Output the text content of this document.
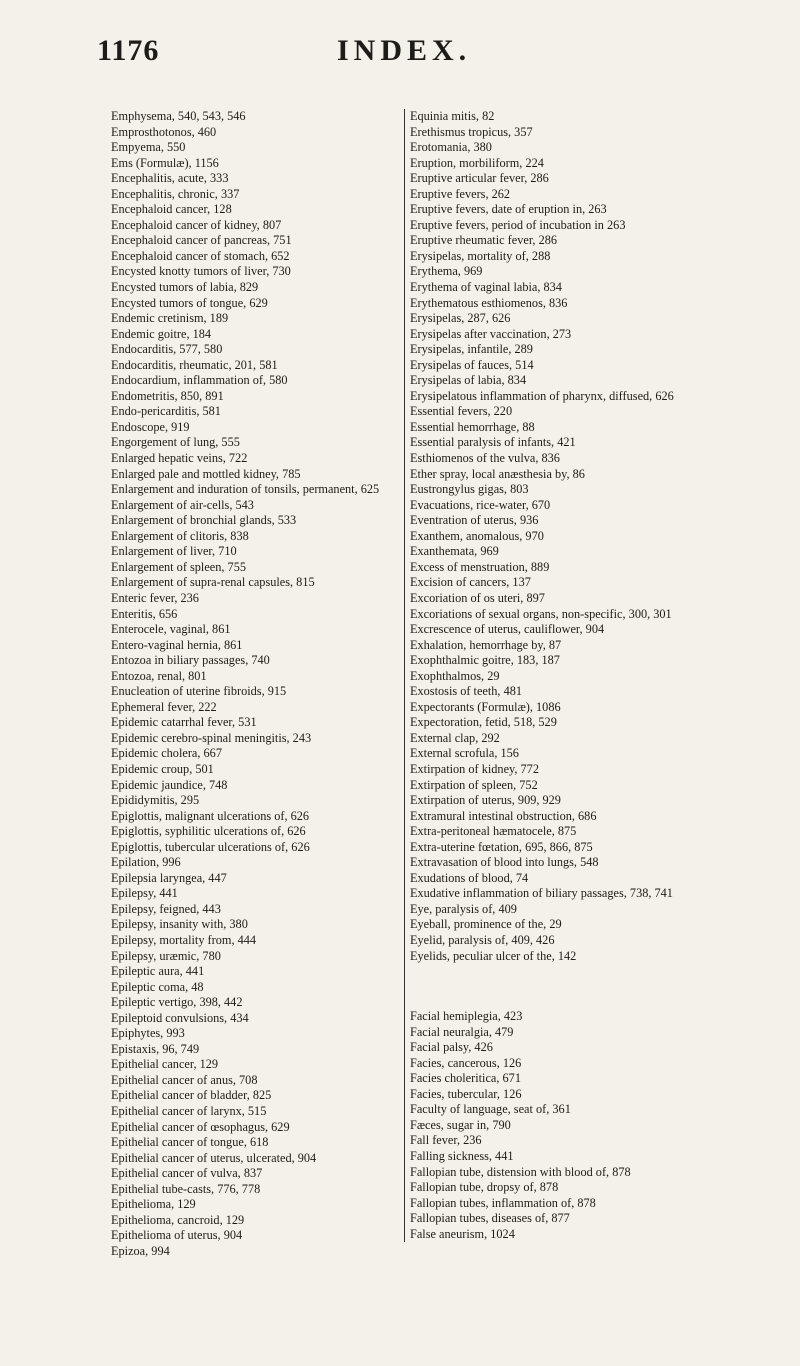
1176	INDEX.
Emphysema, 540, 543, 546
Emprosthotonos, 460
Empyema, 550
Ems (Formulæ), 1156
Encephalitis, acute, 333
Encephalitis, chronic, 337
Encephaloid cancer, 128
Encephaloid cancer of kidney, 807
Encephaloid cancer of pancreas, 751
Encephaloid cancer of stomach, 652
Encysted knotty tumors of liver, 730
Encysted tumors of labia, 829
Encysted tumors of tongue, 629
Endemic cretinism, 189
Endemic goitre, 184
Endocarditis, 577, 580
Endocarditis, rheumatic, 201, 581
Endocardium, inflammation of, 580
Endometritis, 850, 891
Endo-pericarditis, 581
Endoscope, 919
Engorgement of lung, 555
Enlarged hepatic veins, 722
Enlarged pale and mottled kidney, 785
Enlargement and induration of tonsils, permanent, 625
Enlargement of air-cells, 543
Enlargement of bronchial glands, 533
Enlargement of clitoris, 838
Enlargement of liver, 710
Enlargement of spleen, 755
Enlargement of supra-renal capsules, 815
Enteric fever, 236
Enteritis, 656
Enterocele, vaginal, 861
Entero-vaginal hernia, 861
Entozoa in biliary passages, 740
Entozoa, renal, 801
Enucleation of uterine fibroids, 915
Ephemeral fever, 222
Epidemic catarrhal fever, 531
Epidemic cerebro-spinal meningitis, 243
Epidemic cholera, 667
Epidemic croup, 501
Epidemic jaundice, 748
Epididymitis, 295
Epiglottis, malignant ulcerations of, 626
Epiglottis, syphilitic ulcerations of, 626
Epiglottis, tubercular ulcerations of, 626
Epilation, 996
Epilepsia laryngea, 447
Epilepsy, 441
Epilepsy, feigned, 443
Epilepsy, insanity with, 380
Epilepsy, mortality from, 444
Epilepsy, uræmic, 780
Epileptic aura, 441
Epileptic coma, 48
Epileptic vertigo, 398, 442
Epileptoid convulsions, 434
Epiphytes, 993
Epistaxis, 96, 749
Epithelial cancer, 129
Epithelial cancer of anus, 708
Epithelial cancer of bladder, 825
Epithelial cancer of larynx, 515
Epithelial cancer of œsophagus, 629
Epithelial cancer of tongue, 618
Epithelial cancer of uterus, ulcerated, 904
Epithelial cancer of vulva, 837
Epithelial tube-casts, 776, 778
Epithelioma, 129
Epithelioma, cancroid, 129
Epithelioma of uterus, 904
Epizoa, 994
Equinia mitis, 82
Erethismus tropicus, 357
Erotomania, 380
Eruption, morbiliform, 224
Eruptive articular fever, 286
Eruptive fevers, 262
Eruptive fevers, date of eruption in, 263
Eruptive fevers, period of incubation in 263
Eruptive rheumatic fever, 286
Erysipelas, mortality of, 288
Erythema, 969
Erythema of vaginal labia, 834
Erythematous esthiomenos, 836
Erysipelas, 287, 626
Erysipelas after vaccination, 273
Erysipelas, infantile, 289
Erysipelas of fauces, 514
Erysipelas of labia, 834
Erysipelatous inflammation of pharynx, diffused, 626
Essential fevers, 220
Essential hemorrhage, 88
Essential paralysis of infants, 421
Esthiomenos of the vulva, 836
Ether spray, local anæsthesia by, 86
Eustrongylus gigas, 803
Evacuations, rice-water, 670
Eventration of uterus, 936
Exanthem, anomalous, 970
Exanthemata, 969
Excess of menstruation, 889
Excision of cancers, 137
Excoriation of os uteri, 897
Excoriations of sexual organs, non-specific, 300, 301
Excrescence of uterus, cauliflower, 904
Exhalation, hemorrhage by, 87
Exophthalmic goitre, 183, 187
Exophthalmos, 29
Exostosis of teeth, 481
Expectorants (Formulæ), 1086
Expectoration, fetid, 518, 529
External clap, 292
External scrofula, 156
Extirpation of kidney, 772
Extirpation of spleen, 752
Extirpation of uterus, 909, 929
Extramural intestinal obstruction, 686
Extra-peritoneal hæmatocele, 875
Extra-uterine fœtation, 695, 866, 875
Extravasation of blood into lungs, 548
Exudations of blood, 74
Exudative inflammation of biliary passages, 738, 741
Eye, paralysis of, 409
Eyeball, prominence of the, 29
Eyelid, paralysis of, 409, 426
Eyelids, peculiar ulcer of the, 142
Facial hemiplegia, 423
Facial neuralgia, 479
Facial palsy, 426
Facies, cancerous, 126
Facies choleritica, 671
Facies, tubercular, 126
Faculty of language, seat of, 361
Fæces, sugar in, 790
Fall fever, 236
Falling sickness, 441
Fallopian tube, distension with blood of, 878
Fallopian tube, dropsy of, 878
Fallopian tubes, inflammation of, 878
Fallopian tubes, diseases of, 877
False aneurism, 1024
